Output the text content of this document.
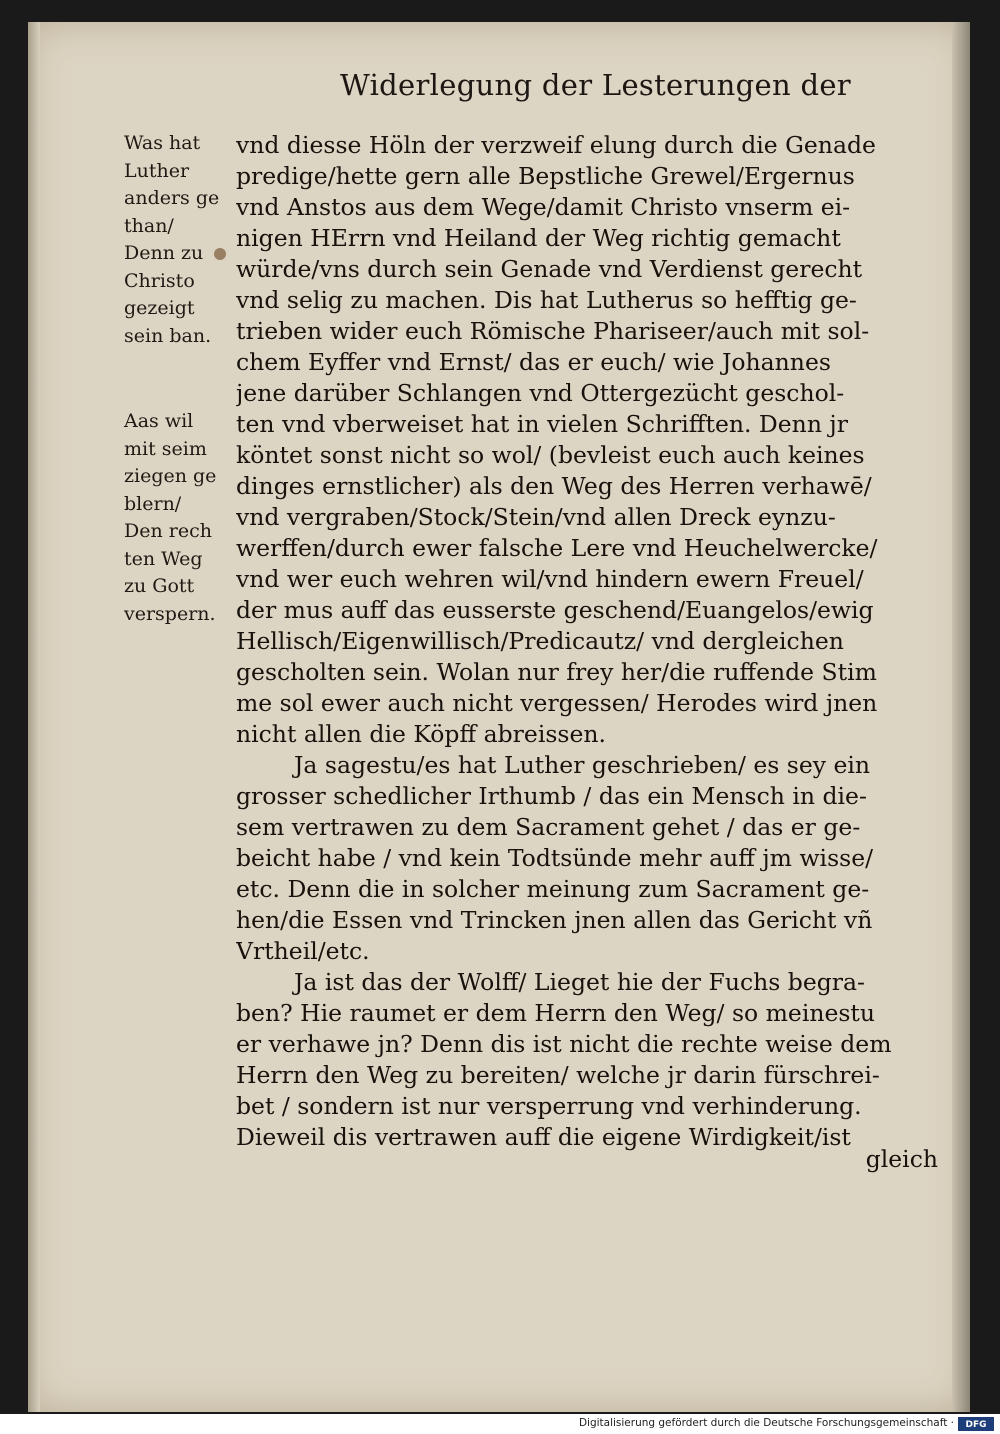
Widerlegung der Lesterungen der
Was hat
Luther
anders ge
than/
Denn zu
Christo
gezeigt
sein ban.
Aas wil
mit seim
ziegen ge
blern/
Den rech
ten Weg
zu Gott
verspern.
vnd diesse Höln der verzweif elung durch die Genade
predige/hette gern alle Bepstliche Grewel/Ergernus
vnd Anstos aus dem Wege/damit Christo vnserm ei-
nigen HErrn vnd Heiland der Weg richtig gemacht
würde/vns durch sein Genade vnd Verdienst gerecht
vnd selig zu machen. Dis hat Lutherus so hefftig ge-
trieben wider euch Römische Phariseer/auch mit sol-
chem Eyffer vnd Ernst/ das er euch/ wie Johannes
jene darüber Schlangen vnd Ottergezücht geschol-
ten vnd vberweiset hat in vielen Schrifften. Denn jr
köntet sonst nicht so wol/ (bevleist euch auch keines
dinges ernstlicher) als den Weg des Herren verhawē/
vnd vergraben/Stock/Stein/vnd allen Dreck eynzu-
werffen/durch ewer falsche Lere vnd Heuchelwercke/
vnd wer euch wehren wil/vnd hindern ewern Freuel/
der mus auff das eusserste geschend/Euangelos/ewig
Hellisch/Eigenwillisch/Predicautz/ vnd dergleichen
gescholten sein. Wolan nur frey her/die ruffende Stim
me sol ewer auch nicht vergessen/ Herodes wird jnen
nicht allen die Köpff abreissen.
Ja sagestu/es hat Luther geschrieben/ es sey ein
grosser schedlicher Irthumb / das ein Mensch in die-
sem vertrawen zu dem Sacrament gehet / das er ge-
beicht habe / vnd kein Todtsünde mehr auff jm wisse/
etc. Denn die in solcher meinung zum Sacrament ge-
hen/die Essen vnd Trincken jnen allen das Gericht vñ
Vrtheil/etc.
Ja ist das der Wolff/ Lieget hie der Fuchs begra-
ben? Hie raumet er dem Herrn den Weg/ so meinestu
er verhawe jn? Denn dis ist nicht die rechte weise dem
Herrn den Weg zu bereiten/ welche jr darin fürschrei-
bet / sondern ist nur versperrung vnd verhinderung.
Dieweil dis vertrawen auff die eigene Wirdigkeit/ist
gleich
Digitalisierung gefördert durch die Deutsche Forschungsgemeinschaft ·	DFG
